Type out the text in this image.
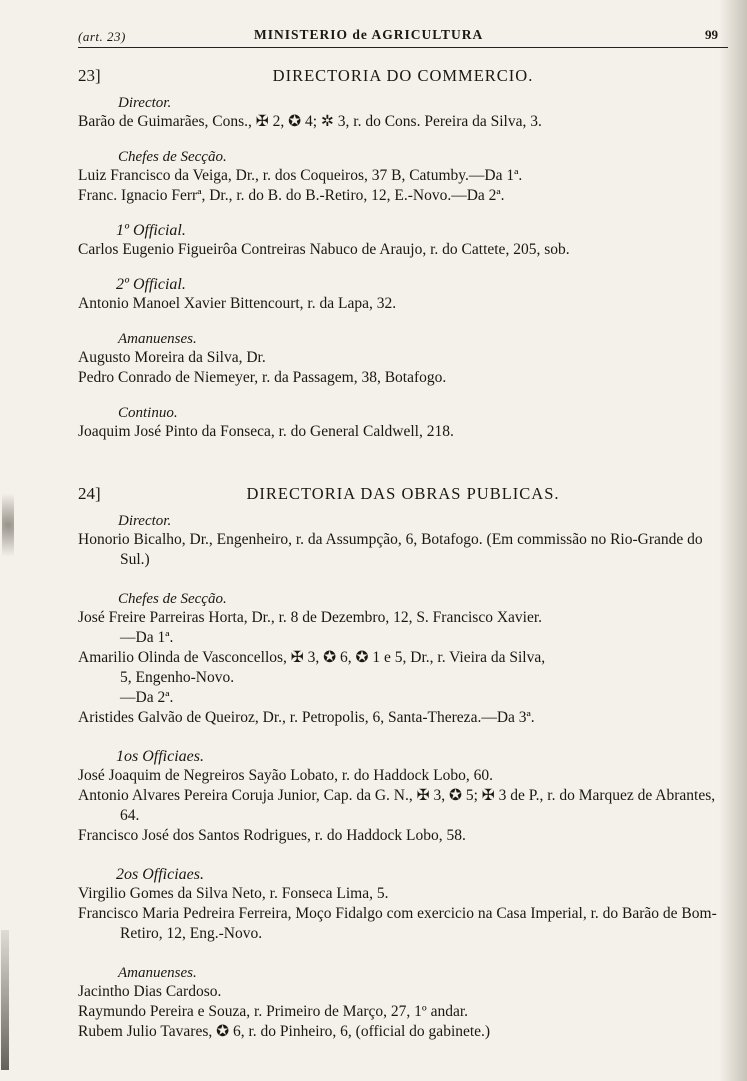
(art. 23)	MINISTERIO de AGRICULTURA	99
23]	DIRECTORIA DO COMMERCIO.
Director.
Barão de Guimarães, Cons., ✠ 2, ✪ 4; ✲ 3, r. do Cons. Pereira da Silva, 3.
Chefes de Secção.
Luiz Francisco da Veiga, Dr., r. dos Coqueiros, 37 B, Catumby.—Da 1ª.
Franc. Ignacio Ferrª, Dr., r. do B. do B.-Retiro, 12, E.-Novo.—Da 2ª.
1º Official.
Carlos Eugenio Figueirôa Contreiras Nabuco de Araujo, r. do Cattete, 205, sob.
2º Official.
Antonio Manoel Xavier Bittencourt, r. da Lapa, 32.
Amanuenses.
Augusto Moreira da Silva, Dr.
Pedro Conrado de Niemeyer, r. da Passagem, 38, Botafogo.
Continuo.
Joaquim José Pinto da Fonseca, r. do General Caldwell, 218.
24]	DIRECTORIA DAS OBRAS PUBLICAS.
Director.
Honorio Bicalho, Dr., Engenheiro, r. da Assumpção, 6, Botafogo. (Em commissão no Rio-Grande do Sul.)
Chefes de Secção.
José Freire Parreiras Horta, Dr., r. 8 de Dezembro, 12, S. Francisco Xavier.
—Da 1ª.
Amarilio Olinda de Vasconcellos, ✠ 3, ✪ 6, ✪ 1 e 5, Dr., r. Vieira da Silva,
5, Engenho-Novo.
—Da 2ª.
Aristides Galvão de Queiroz, Dr., r. Petropolis, 6, Santa-Thereza.—Da 3ª.
1os Officiaes.
José Joaquim de Negreiros Sayão Lobato, r. do Haddock Lobo, 60.
Antonio Alvares Pereira Coruja Junior, Cap. da G. N., ✠ 3, ✪ 5; ✠ 3 de P., r. do Marquez de Abrantes, 64.
Francisco José dos Santos Rodrigues, r. do Haddock Lobo, 58.
2os Officiaes.
Virgilio Gomes da Silva Neto, r. Fonseca Lima, 5.
Francisco Maria Pedreira Ferreira, Moço Fidalgo com exercicio na Casa Imperial, r. do Barão de Bom-Retiro, 12, Eng.-Novo.
Amanuenses.
Jacintho Dias Cardoso.
Raymundo Pereira e Souza, r. Primeiro de Março, 27, 1º andar.
Rubem Julio Tavares, ✪ 6, r. do Pinheiro, 6, (official do gabinete.)
